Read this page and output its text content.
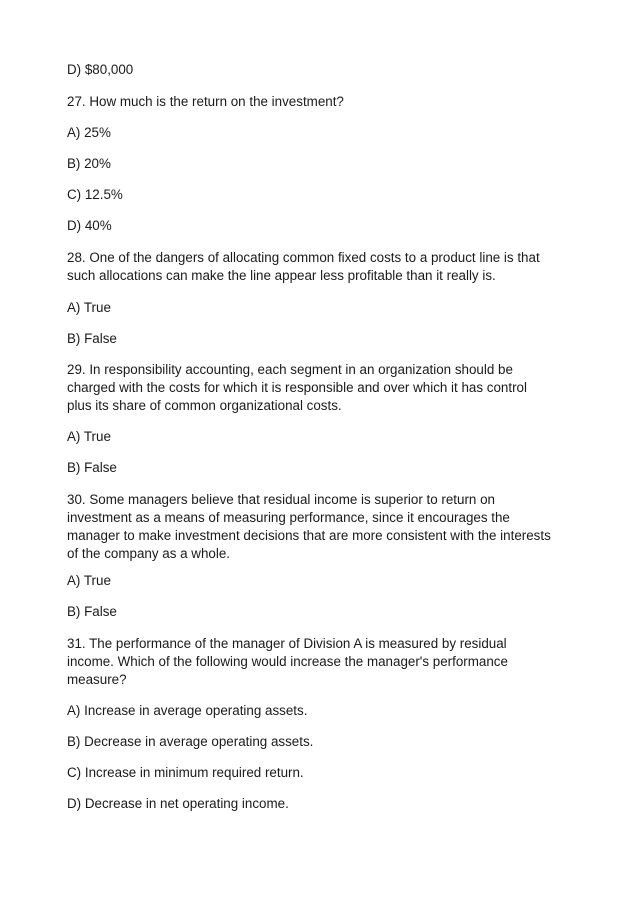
D) $80,000
27. How much is the return on the investment?
A) 25%
B) 20%
C) 12.5%
D) 40%
28. One of the dangers of allocating common fixed costs to a product line is that
such allocations can make the line appear less profitable than it really is.
A) True
B) False
29. In responsibility accounting, each segment in an organization should be
charged with the costs for which it is responsible and over which it has control
plus its share of common organizational costs.
A) True
B) False
30. Some managers believe that residual income is superior to return on
investment as a means of measuring performance, since it encourages the
manager to make investment decisions that are more consistent with the interests
of the company as a whole.
A) True
B) False
31. The performance of the manager of Division A is measured by residual
income. Which of the following would increase the manager's performance
measure?
A) Increase in average operating assets.
B) Decrease in average operating assets.
C) Increase in minimum required return.
D) Decrease in net operating income.
